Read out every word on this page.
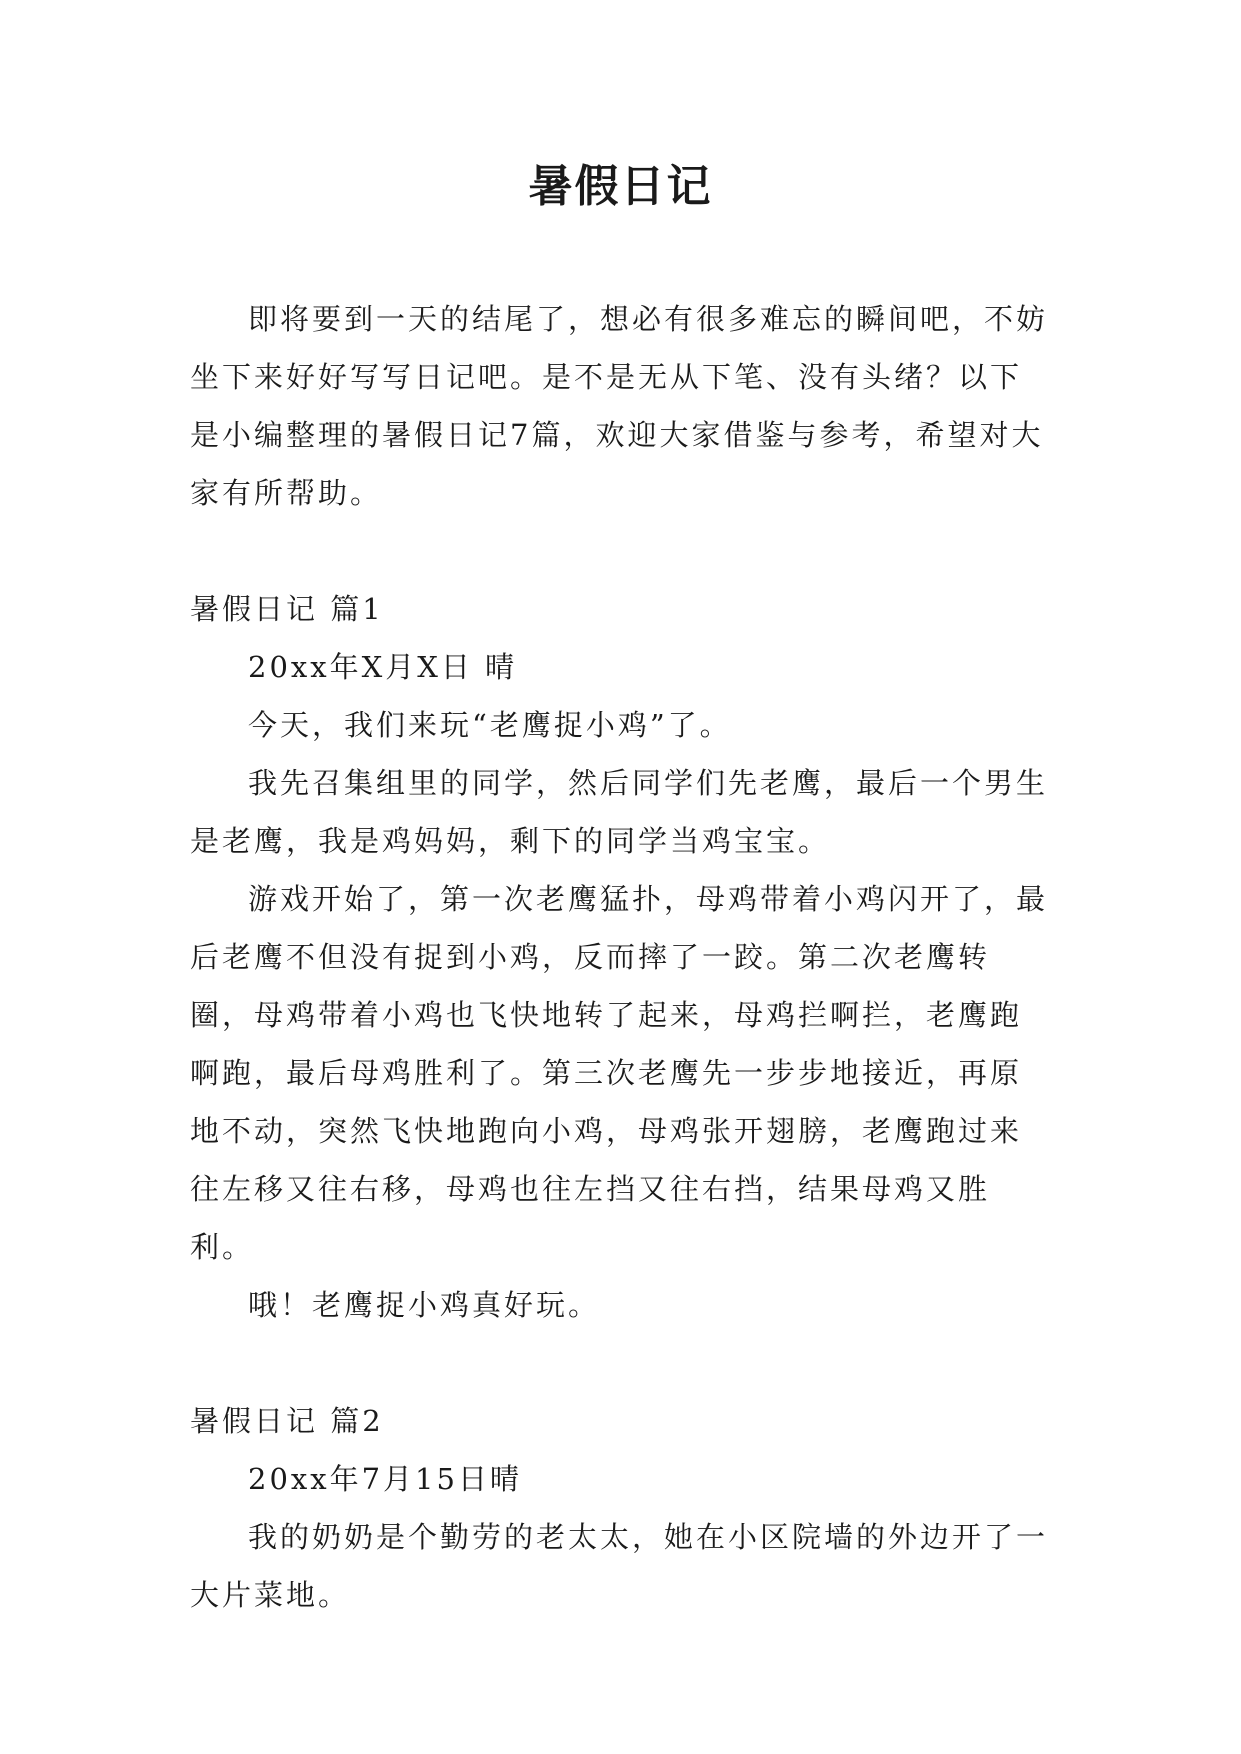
暑假日记

即将要到一天的结尾了，想必有很多难忘的瞬间吧，不妨坐下来好好写写日记吧。是不是无从下笔、没有头绪？以下是小编整理的暑假日记7篇，欢迎大家借鉴与参考，希望对大家有所帮助。

暑假日记 篇1

20xx年X月X日 晴

今天，我们来玩“老鹰捉小鸡”了。

我先召集组里的同学，然后同学们先老鹰，最后一个男生是老鹰，我是鸡妈妈，剩下的同学当鸡宝宝。

游戏开始了，第一次老鹰猛扑，母鸡带着小鸡闪开了，最后老鹰不但没有捉到小鸡，反而摔了一跤。第二次老鹰转圈，母鸡带着小鸡也飞快地转了起来，母鸡拦啊拦，老鹰跑啊跑，最后母鸡胜利了。第三次老鹰先一步步地接近，再原地不动，突然飞快地跑向小鸡，母鸡张开翅膀，老鹰跑过来往左移又往右移，母鸡也往左挡又往右挡，结果母鸡又胜利。

哦！老鹰捉小鸡真好玩。

暑假日记 篇2

20xx年7月15日晴

我的奶奶是个勤劳的老太太，她在小区院墙的外边开了一大片菜地。
